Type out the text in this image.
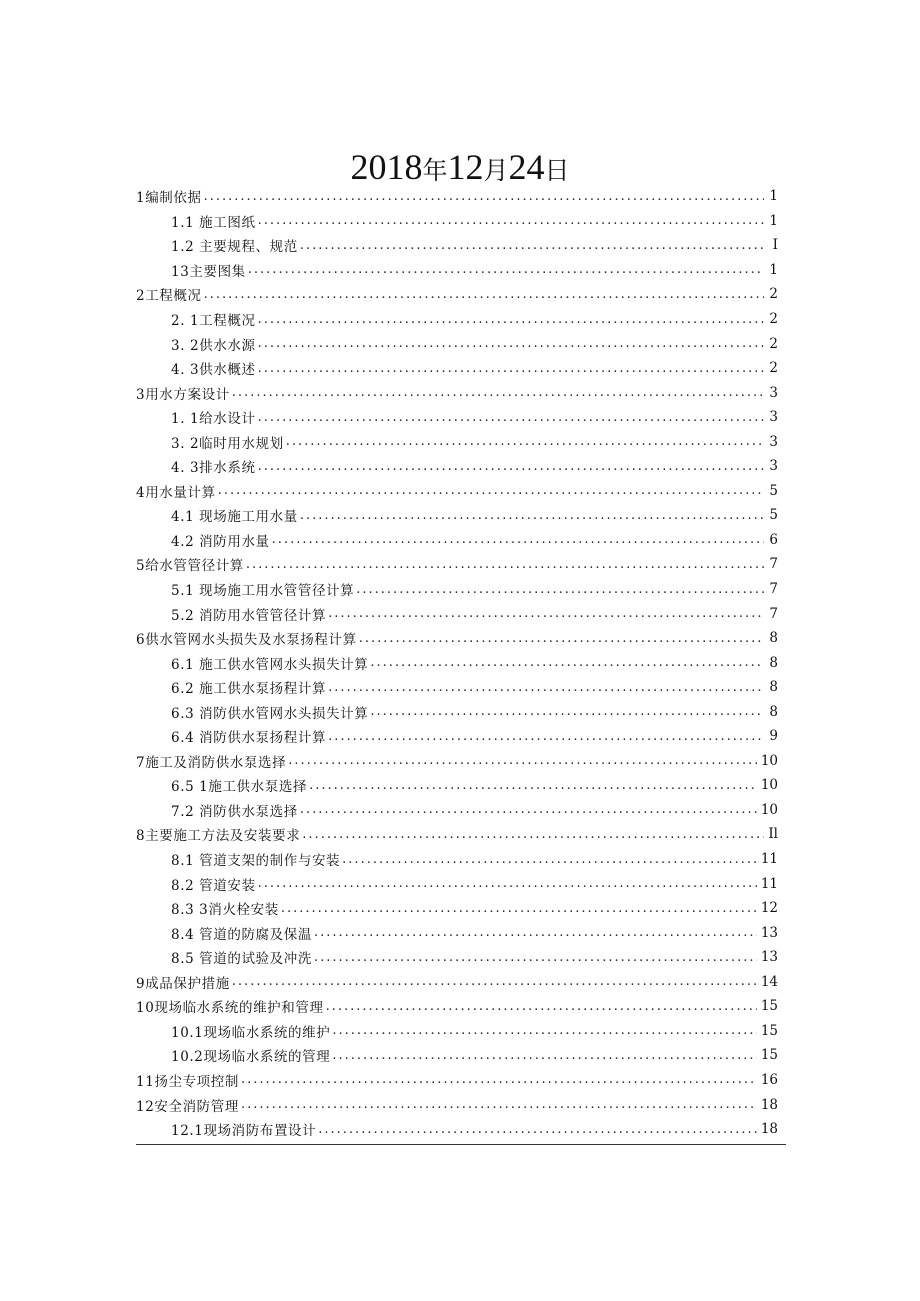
2018年12月24日
1编制依据 .....	1
1.1 施工图纸 .....	1
1.2 主要规程、规范 .....	I
13主要图集 .....	1
2工程概况 .....	2
2. 1工程概况 .....	2
3. 2供水水源 .....	2
4. 3供水概述 .....	2
3用水方案设计 .....	3
1. 1给水设计 .....	3
3. 2临时用水规划 .....	3
4. 3排水系统 .....	3
4用水量计算 .....	5
4.1 现场施工用水量 .....	5
4.2 消防用水量 .....	6
5给水管管径计算 .....	7
5.1 现场施工用水管管径计算 .....	7
5.2 消防用水管管径计算 .....	7
6供水管网水头损失及水泵扬程计算 .....	8
6.1 施工供水管网水头损失计算 .....	8
6.2 施工供水泵扬程计算 .....	8
6.3 消防供水管网水头损失计算 .....	8
6.4 消防供水泵扬程计算 .....	9
7施工及消防供水泵选择 .....	10
6.5 1施工供水泵选择 .....	10
7.2 消防供水泵选择 .....	10
8主要施工方法及安装要求 .....	Il
8.1 管道支架的制作与安装 .....	11
8.2 管道安装 .....	11
8.3 3消火栓安装 .....	12
8.4 管道的防腐及保温 .....	13
8.5 管道的试验及冲洗 .....	13
9成品保护措施 .....	14
10现场临水系统的维护和管理 .....	15
10.1现场临水系统的维护 .....	15
10.2现场临水系统的管理 .....	15
11扬尘专项控制 .....	16
12安全消防管理 .....	18
12.1现场消防布置设计 .....	18
